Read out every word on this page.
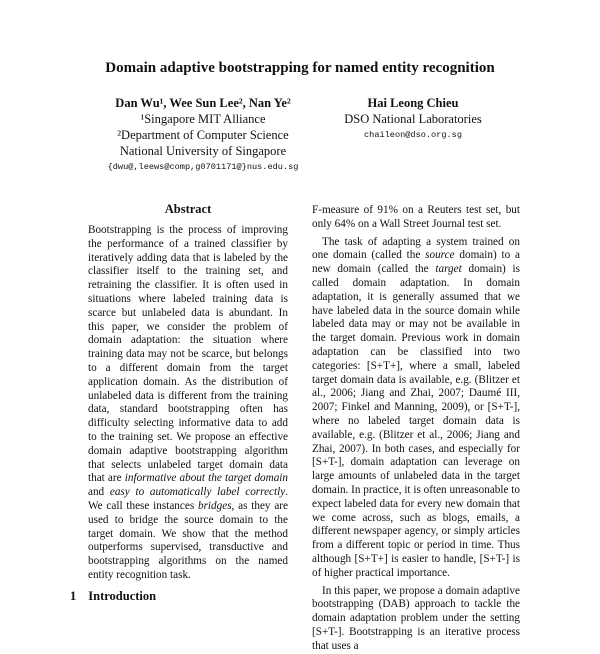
Domain adaptive bootstrapping for named entity recognition
Dan Wu¹, Wee Sun Lee², Nan Ye²
¹Singapore MIT Alliance
²Department of Computer Science
National University of Singapore
{dwu@,leews@comp,g0701171@}nus.edu.sg
Hai Leong Chieu
DSO National Laboratories
chaileon@dso.org.sg
Abstract
Bootstrapping is the process of improving the performance of a trained classifier by iteratively adding data that is labeled by the classifier itself to the training set, and retraining the classifier. It is often used in situations where labeled training data is scarce but unlabeled data is abundant. In this paper, we consider the problem of domain adaptation: the situation where training data may not be scarce, but belongs to a different domain from the target application domain. As the distribution of unlabeled data is different from the training data, standard bootstrapping often has difficulty selecting informative data to add to the training set. We propose an effective domain adaptive bootstrapping algorithm that selects unlabeled target domain data that are informative about the target domain and easy to automatically label correctly. We call these instances bridges, as they are used to bridge the source domain to the target domain. We show that the method outperforms supervised, transductive and bootstrapping algorithms on the named entity recognition task.

F-measure of 91% on a Reuters test set, but only 64% on a Wall Street Journal test set.

The task of adapting a system trained on one domain (called the source domain) to a new domain (called the target domain) is called domain adaptation. In domain adaptation, it is generally assumed that we have labeled data in the source domain while labeled data may or may not be available in the target domain. Previous work in domain adaptation can be classified into two categories: [S+T+], where a small, labeled target domain data is available, e.g. (Blitzer et al., 2006; Jiang and Zhai, 2007; Daumé III, 2007; Finkel and Manning, 2009), or [S+T-], where no labeled target domain data is available, e.g. (Blitzer et al., 2006; Jiang and Zhai, 2007). In both cases, and especially for [S+T-], domain adaptation can leverage on large amounts of unlabeled data in the target domain. In practice, it is often unreasonable to expect labeled data for every new domain that we come across, such as blogs, emails, a different newspaper agency, or simply articles from a different topic or period in time. Thus although [S+T+] is easier to handle, [S+T-] is of higher practical importance.

In this paper, we propose a domain adaptive bootstrapping (DAB) approach to tackle the domain adaptation problem under the setting [S+T-]. Bootstrapping is an iterative process that uses a

1 Introduction
